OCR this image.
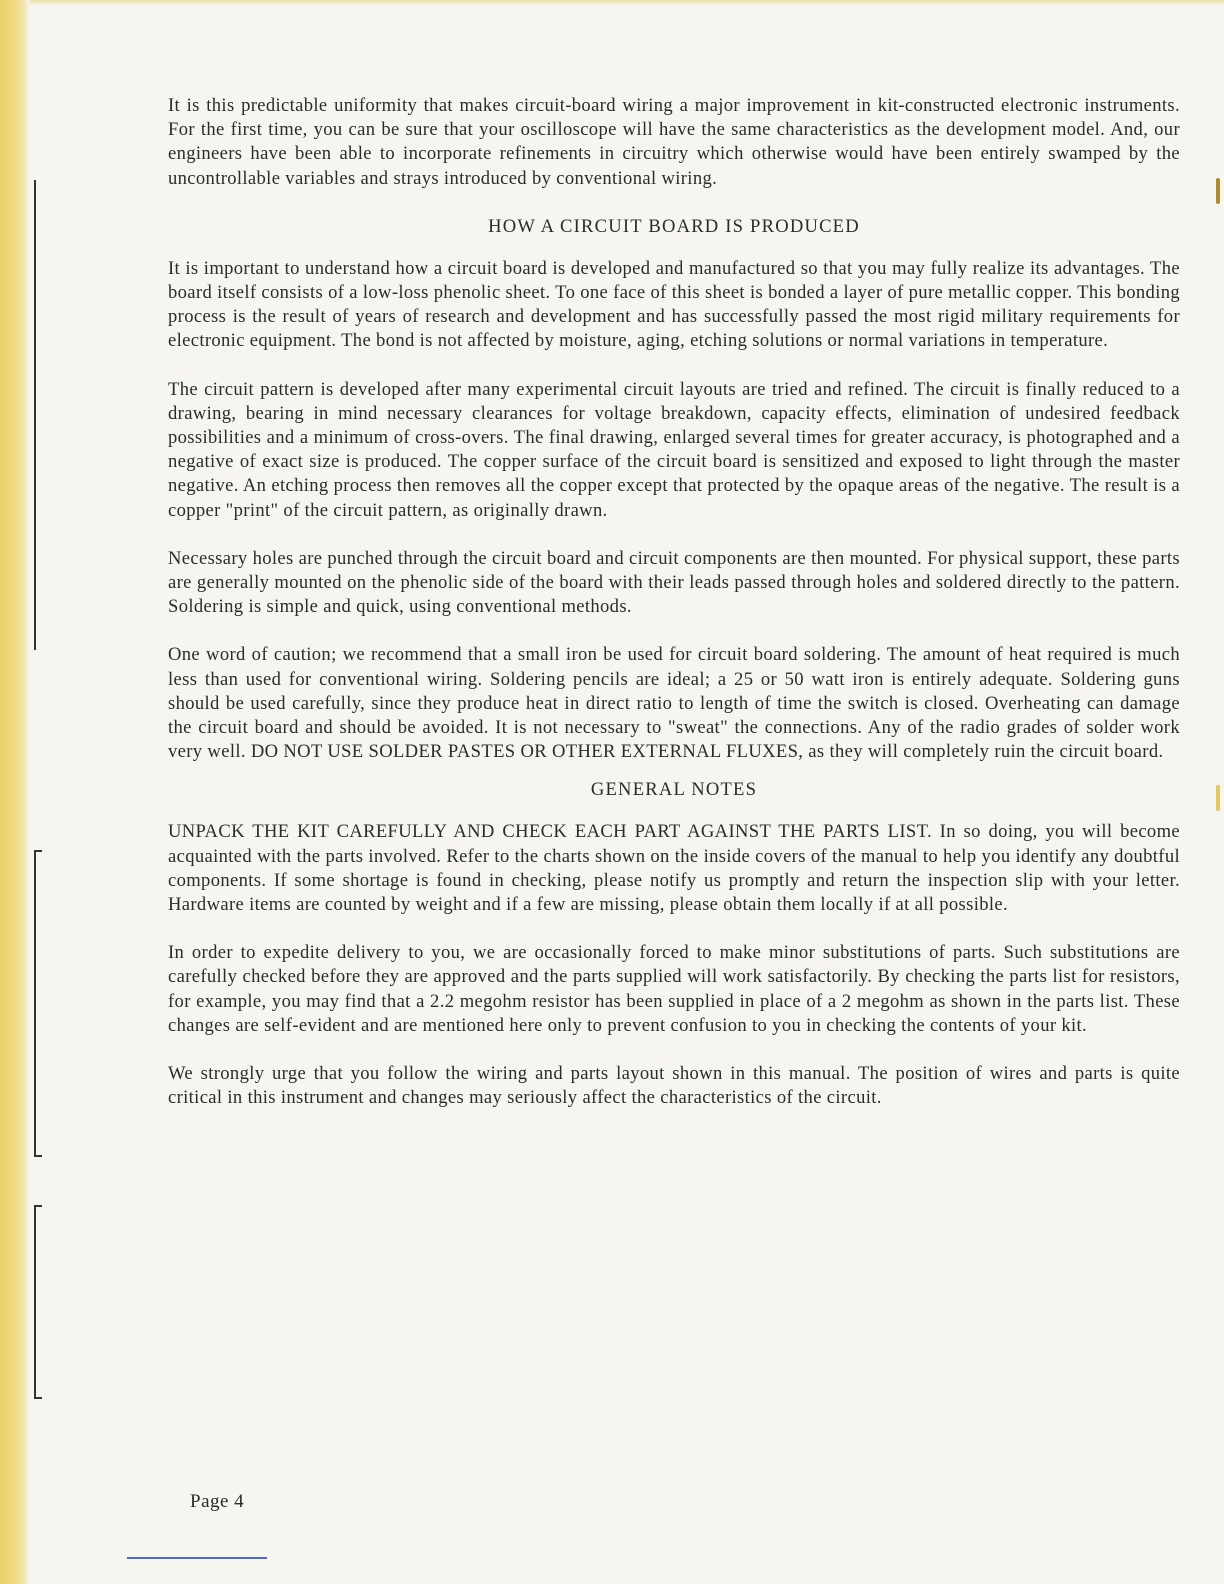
It is this predictable uniformity that makes circuit-board wiring a major improvement in kit-constructed electronic instruments. For the first time, you can be sure that your oscilloscope will have the same characteristics as the development model. And, our engineers have been able to incorporate refinements in circuitry which otherwise would have been entirely swamped by the uncontrollable variables and strays introduced by conventional wiring.

HOW A CIRCUIT BOARD IS PRODUCED

It is important to understand how a circuit board is developed and manufactured so that you may fully realize its advantages. The board itself consists of a low-loss phenolic sheet. To one face of this sheet is bonded a layer of pure metallic copper. This bonding process is the result of years of research and development and has successfully passed the most rigid military requirements for electronic equipment. The bond is not affected by moisture, aging, etching solutions or normal variations in temperature.

The circuit pattern is developed after many experimental circuit layouts are tried and refined. The circuit is finally reduced to a drawing, bearing in mind necessary clearances for voltage breakdown, capacity effects, elimination of undesired feedback possibilities and a minimum of cross-overs. The final drawing, enlarged several times for greater accuracy, is photographed and a negative of exact size is produced. The copper surface of the circuit board is sensitized and exposed to light through the master negative. An etching process then removes all the copper except that protected by the opaque areas of the negative. The result is a copper "print" of the circuit pattern, as originally drawn.

Necessary holes are punched through the circuit board and circuit components are then mounted. For physical support, these parts are generally mounted on the phenolic side of the board with their leads passed through holes and soldered directly to the pattern. Soldering is simple and quick, using conventional methods.

One word of caution; we recommend that a small iron be used for circuit board soldering. The amount of heat required is much less than used for conventional wiring. Soldering pencils are ideal; a 25 or 50 watt iron is entirely adequate. Soldering guns should be used carefully, since they produce heat in direct ratio to length of time the switch is closed. Overheating can damage the circuit board and should be avoided. It is not necessary to "sweat" the connections. Any of the radio grades of solder work very well. DO NOT USE SOLDER PASTES OR OTHER EXTERNAL FLUXES, as they will completely ruin the circuit board.

GENERAL NOTES

UNPACK THE KIT CAREFULLY AND CHECK EACH PART AGAINST THE PARTS LIST. In so doing, you will become acquainted with the parts involved. Refer to the charts shown on the inside covers of the manual to help you identify any doubtful components. If some shortage is found in checking, please notify us promptly and return the inspection slip with your letter. Hardware items are counted by weight and if a few are missing, please obtain them locally if at all possible.

In order to expedite delivery to you, we are occasionally forced to make minor substitutions of parts. Such substitutions are carefully checked before they are approved and the parts supplied will work satisfactorily. By checking the parts list for resistors, for example, you may find that a 2.2 megohm resistor has been supplied in place of a 2 megohm as shown in the parts list. These changes are self-evident and are mentioned here only to prevent confusion to you in checking the contents of your kit.

We strongly urge that you follow the wiring and parts layout shown in this manual. The position of wires and parts is quite critical in this instrument and changes may seriously affect the characteristics of the circuit.

Page 4
